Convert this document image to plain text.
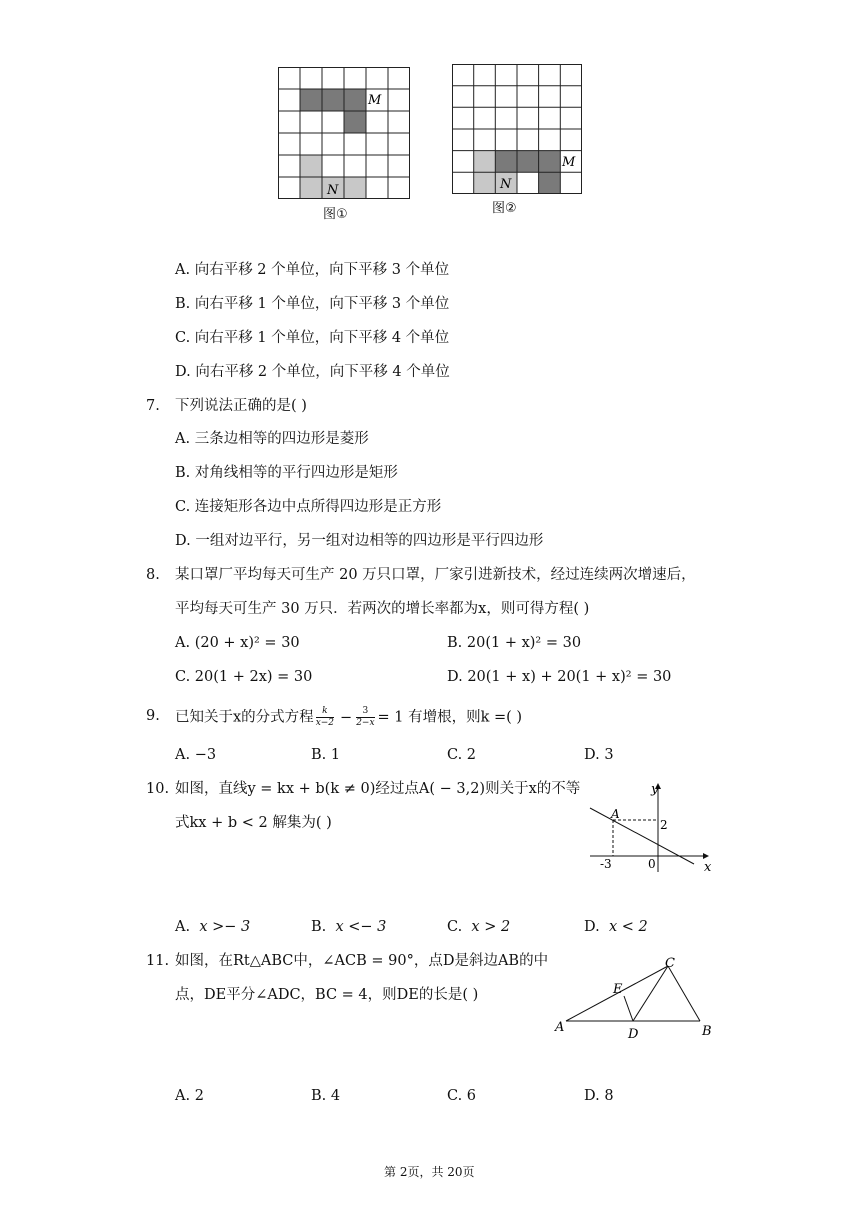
M
N
图①
M
N
图②
A. 向右平移 2 个单位，向下平移 3 个单位
B. 向右平移 1 个单位，向下平移 3 个单位
C. 向右平移 1 个单位，向下平移 4 个单位
D. 向右平移 2 个单位，向下平移 4 个单位
7. 下列说法正确的是( )
A. 三条边相等的四边形是菱形
B. 对角线相等的平行四边形是矩形
C. 连接矩形各边中点所得四边形是正方形
D. 一组对边平行，另一组对边相等的四边形是平行四边形
8. 某口罩厂平均每天可生产 20 万只口罩，厂家引进新技术，经过连续两次增速后，
平均每天可生产 30 万只．若两次的增长率都为x，则可得方程( )
A. (20 + x)² = 30	B. 20(1 + x)² = 30
C. 20(1 + 2x) = 30	D. 20(1 + x) + 20(1 + x)² = 30
9. 已知关于x的分式方程 $\frac{k}{x-2} - \frac{3}{2-x} = 1$ 有增根，则k =( )
A. −3	B. 1	C. 2	D. 3
10. 如图，直线y = kx + b(k ≠ 0)经过点A( − 3,2)则关于x的不等
式kx + b < 2 解集为( )
y
x
A
2
-3	0
A. x >− 3	B. x <− 3	C. x > 2	D. x < 2
11. 如图，在Rt△ABC中，∠ACB = 90°，点D是斜边AB的中
点，DE平分∠ADC，BC = 4，则DE的长是( )
A	B
C
D
E
A. 2	B. 4	C. 6	D. 8
第 2页，共 20页
